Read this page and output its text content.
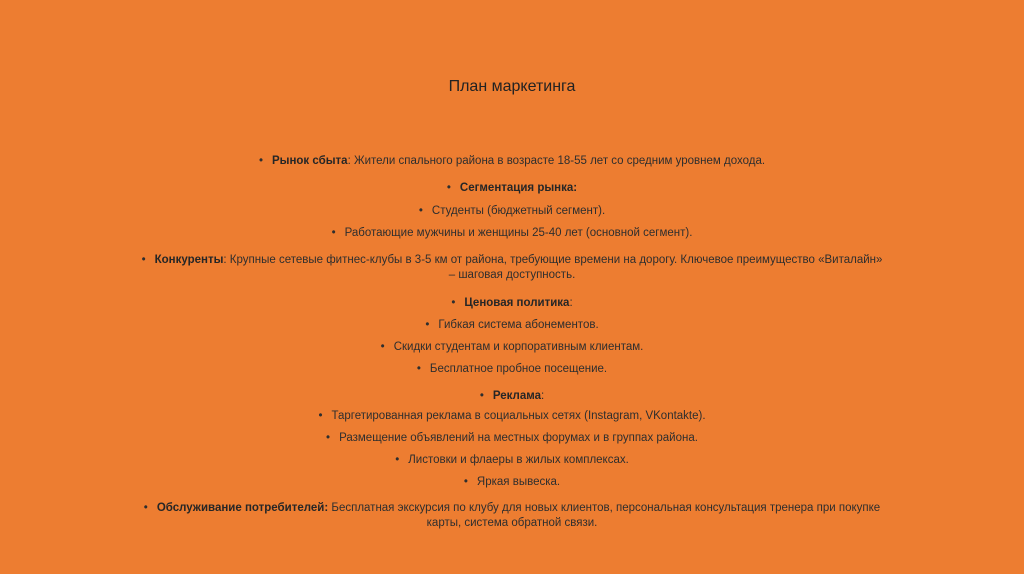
План маркетинга
• Рынок сбыта: Жители спального района в возрасте 18-55 лет со средним уровнем дохода.
• Сегментация рынка:
• Студенты (бюджетный сегмент).
• Работающие мужчины и женщины 25-40 лет (основной сегмент).
• Конкуренты: Крупные сетевые фитнес-клубы в 3-5 км от района, требующие времени на дорогу. Ключевое преимущество «Виталайн»
– шаговая доступность.
• Ценовая политика:
• Гибкая система абонементов.
• Скидки студентам и корпоративным клиентам.
• Бесплатное пробное посещение.
• Реклама:
• Таргетированная реклама в социальных сетях (Instagram, VKontakte).
• Размещение объявлений на местных форумах и в группах района.
• Листовки и флаеры в жилых комплексах.
• Яркая вывеска.
• Обслуживание потребителей: Бесплатная экскурсия по клубу для новых клиентов, персональная консультация тренера при покупке
карты, система обратной связи.
